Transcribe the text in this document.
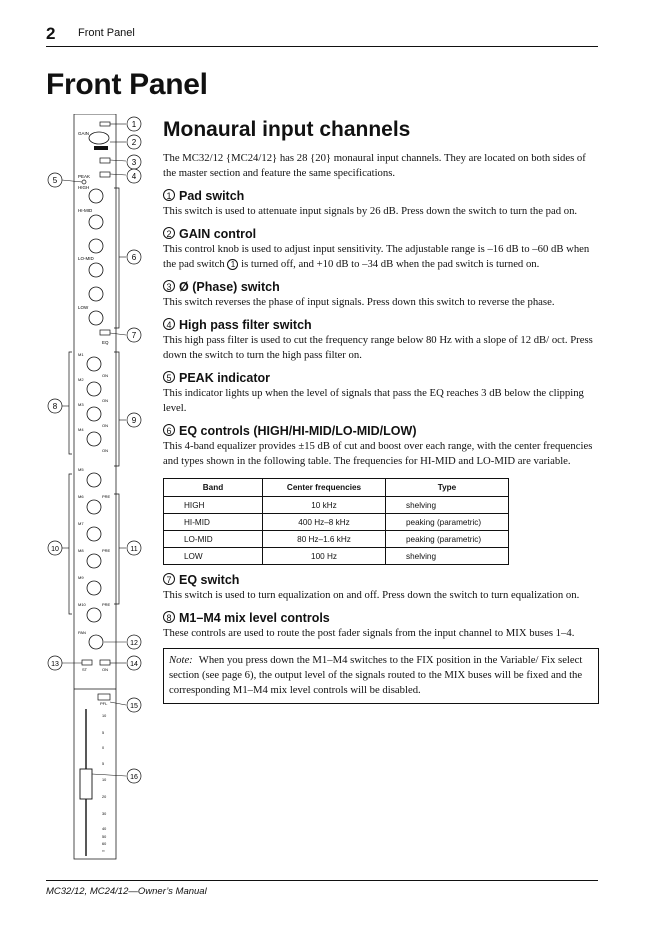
2 Front Panel
Front Panel
GAIN
PEAK
HIGH
HI-MID
LO-MID
LOW
EQ
M1
M2
M3
M4
M5
M6
M7
M8
M9
M10
ON
ON
ON
ON
PRE
PRE
PRE
PAN
ST	ON
PFL
10
5
0
5
10
20
30
40
50
60
∞
1
2
3
4
5
6
7
8
9
10	11
12
13	14
15
16
Monaural input channels

The MC32/12 {MC24/12} has 28 {20} monaural input channels. They are located on both sides of the master section and feature the same specifications.

1 Pad switch

This switch is used to attenuate input signals by 26 dB. Press down the switch to turn the pad on.

2 GAIN control

This control knob is used to adjust input sensitivity. The adjustable range is –16 dB to –60 dB when the pad switch 1 is turned off, and +10 dB to –34 dB when the pad switch is turned on.

3 Ø (Phase) switch

This switch reverses the phase of input signals. Press down this switch to reverse the phase.

4 High pass filter switch

This high pass filter is used to cut the frequency range below 80 Hz with a slope of 12 dB/ oct. Press down the switch to turn the high pass filter on.

5 PEAK indicator

This indicator lights up when the level of signals that pass the EQ reaches 3 dB below the clipping level.

6 EQ controls (HIGH/HI-MID/LO-MID/LOW)

This 4-band equalizer provides ±15 dB of cut and boost over each range, with the center frequencies and types shown in the following table. The frequencies for HI-MID and LO-MID are variable.

Band	Center frequencies	Type
HIGH	10 kHz	shelving
HI-MID	400 Hz–8 kHz	peaking (parametric)
LO-MID	80 Hz–1.6 kHz	peaking (parametric)
LOW	100 Hz	shelving
7 EQ switch

This switch is used to turn equalization on and off. Press down the switch to turn equalization on.

8 M1–M4 mix level controls

These controls are used to route the post fader signals from the input channel to MIX buses 1–4.

Note: When you press down the M1–M4 switches to the FIX position in the Variable/ Fix select section (see page 6), the output level of the signals routed to the MIX buses will be fixed and the corresponding M1–M4 mix level controls will be disabled.
MC32/12, MC24/12—Owner’s Manual
